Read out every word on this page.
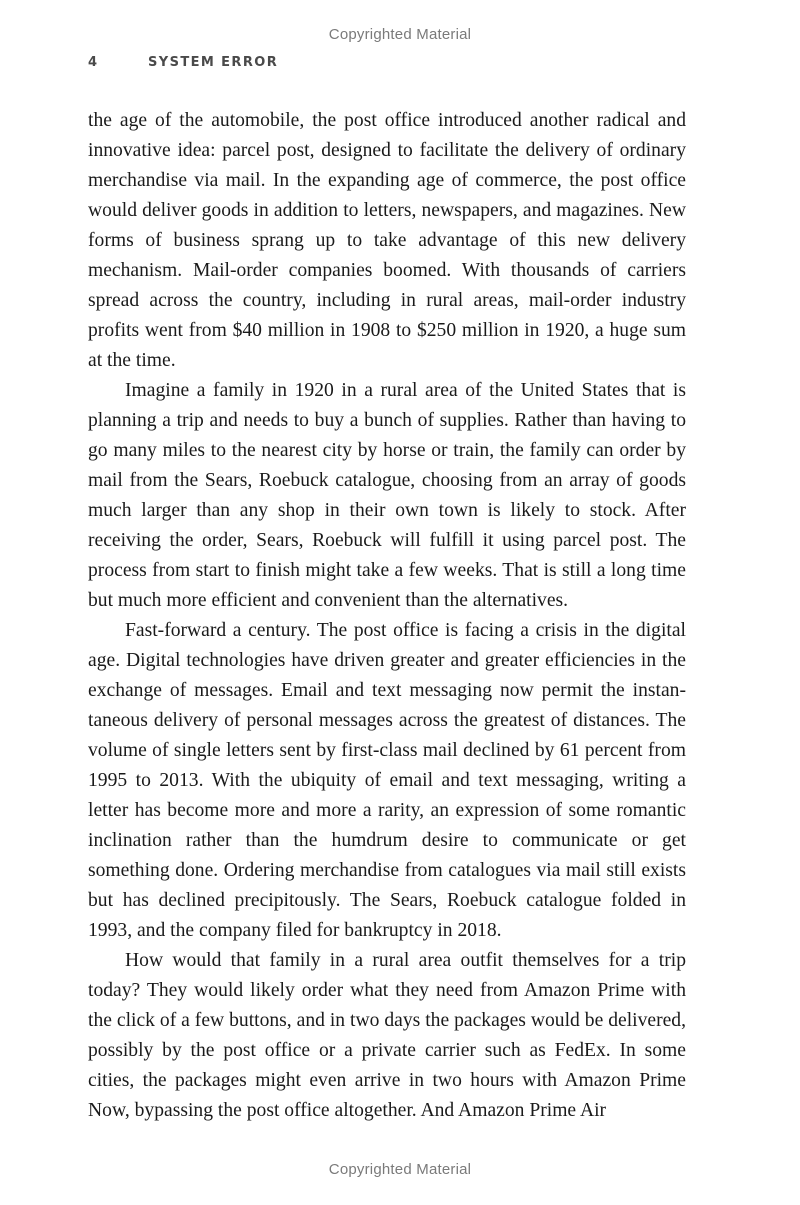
Copyrighted Material
4	SYSTEM ERROR

the age of the automobile, the post office introduced another radical and innovative idea: parcel post, designed to facilitate the delivery of ordinary merchandise via mail. In the expanding age of commerce, the post office would deliver goods in addition to letters, newspapers, and magazines. New forms of business sprang up to take advantage of this new delivery mechanism. Mail-order companies boomed. With thousands of carriers spread across the country, including in rural areas, mail-order industry profits went from $40 million in 1908 to $250 million in 1920, a huge sum at the time.

Imagine a family in 1920 in a rural area of the United States that is planning a trip and needs to buy a bunch of supplies. Rather than having to go many miles to the nearest city by horse or train, the family can order by mail from the Sears, Roebuck catalogue, choosing from an array of goods much larger than any shop in their own town is likely to stock. After receiving the order, Sears, Roebuck will fulfill it using parcel post. The process from start to finish might take a few weeks. That is still a long time but much more efficient and convenient than the alternatives.

Fast-forward a century. The post office is facing a crisis in the digital age. Digital technologies have driven greater and greater efficiencies in the exchange of messages. Email and text messaging now permit the instantaneous delivery of personal messages across the greatest of distances. The volume of single letters sent by first-class mail declined by 61 percent from 1995 to 2013. With the ubiquity of email and text messaging, writing a letter has become more and more a rarity, an expression of some romantic inclination rather than the humdrum desire to communicate or get something done. Ordering merchandise from catalogues via mail still exists but has declined precipitously. The Sears, Roebuck catalogue folded in 1993, and the company filed for bankruptcy in 2018.

How would that family in a rural area outfit themselves for a trip today? They would likely order what they need from Amazon Prime with the click of a few buttons, and in two days the packages would be delivered, possibly by the post office or a private carrier such as FedEx. In some cities, the packages might even arrive in two hours with Amazon Prime Now, bypassing the post office altogether. And Amazon Prime Air

Copyrighted Material
